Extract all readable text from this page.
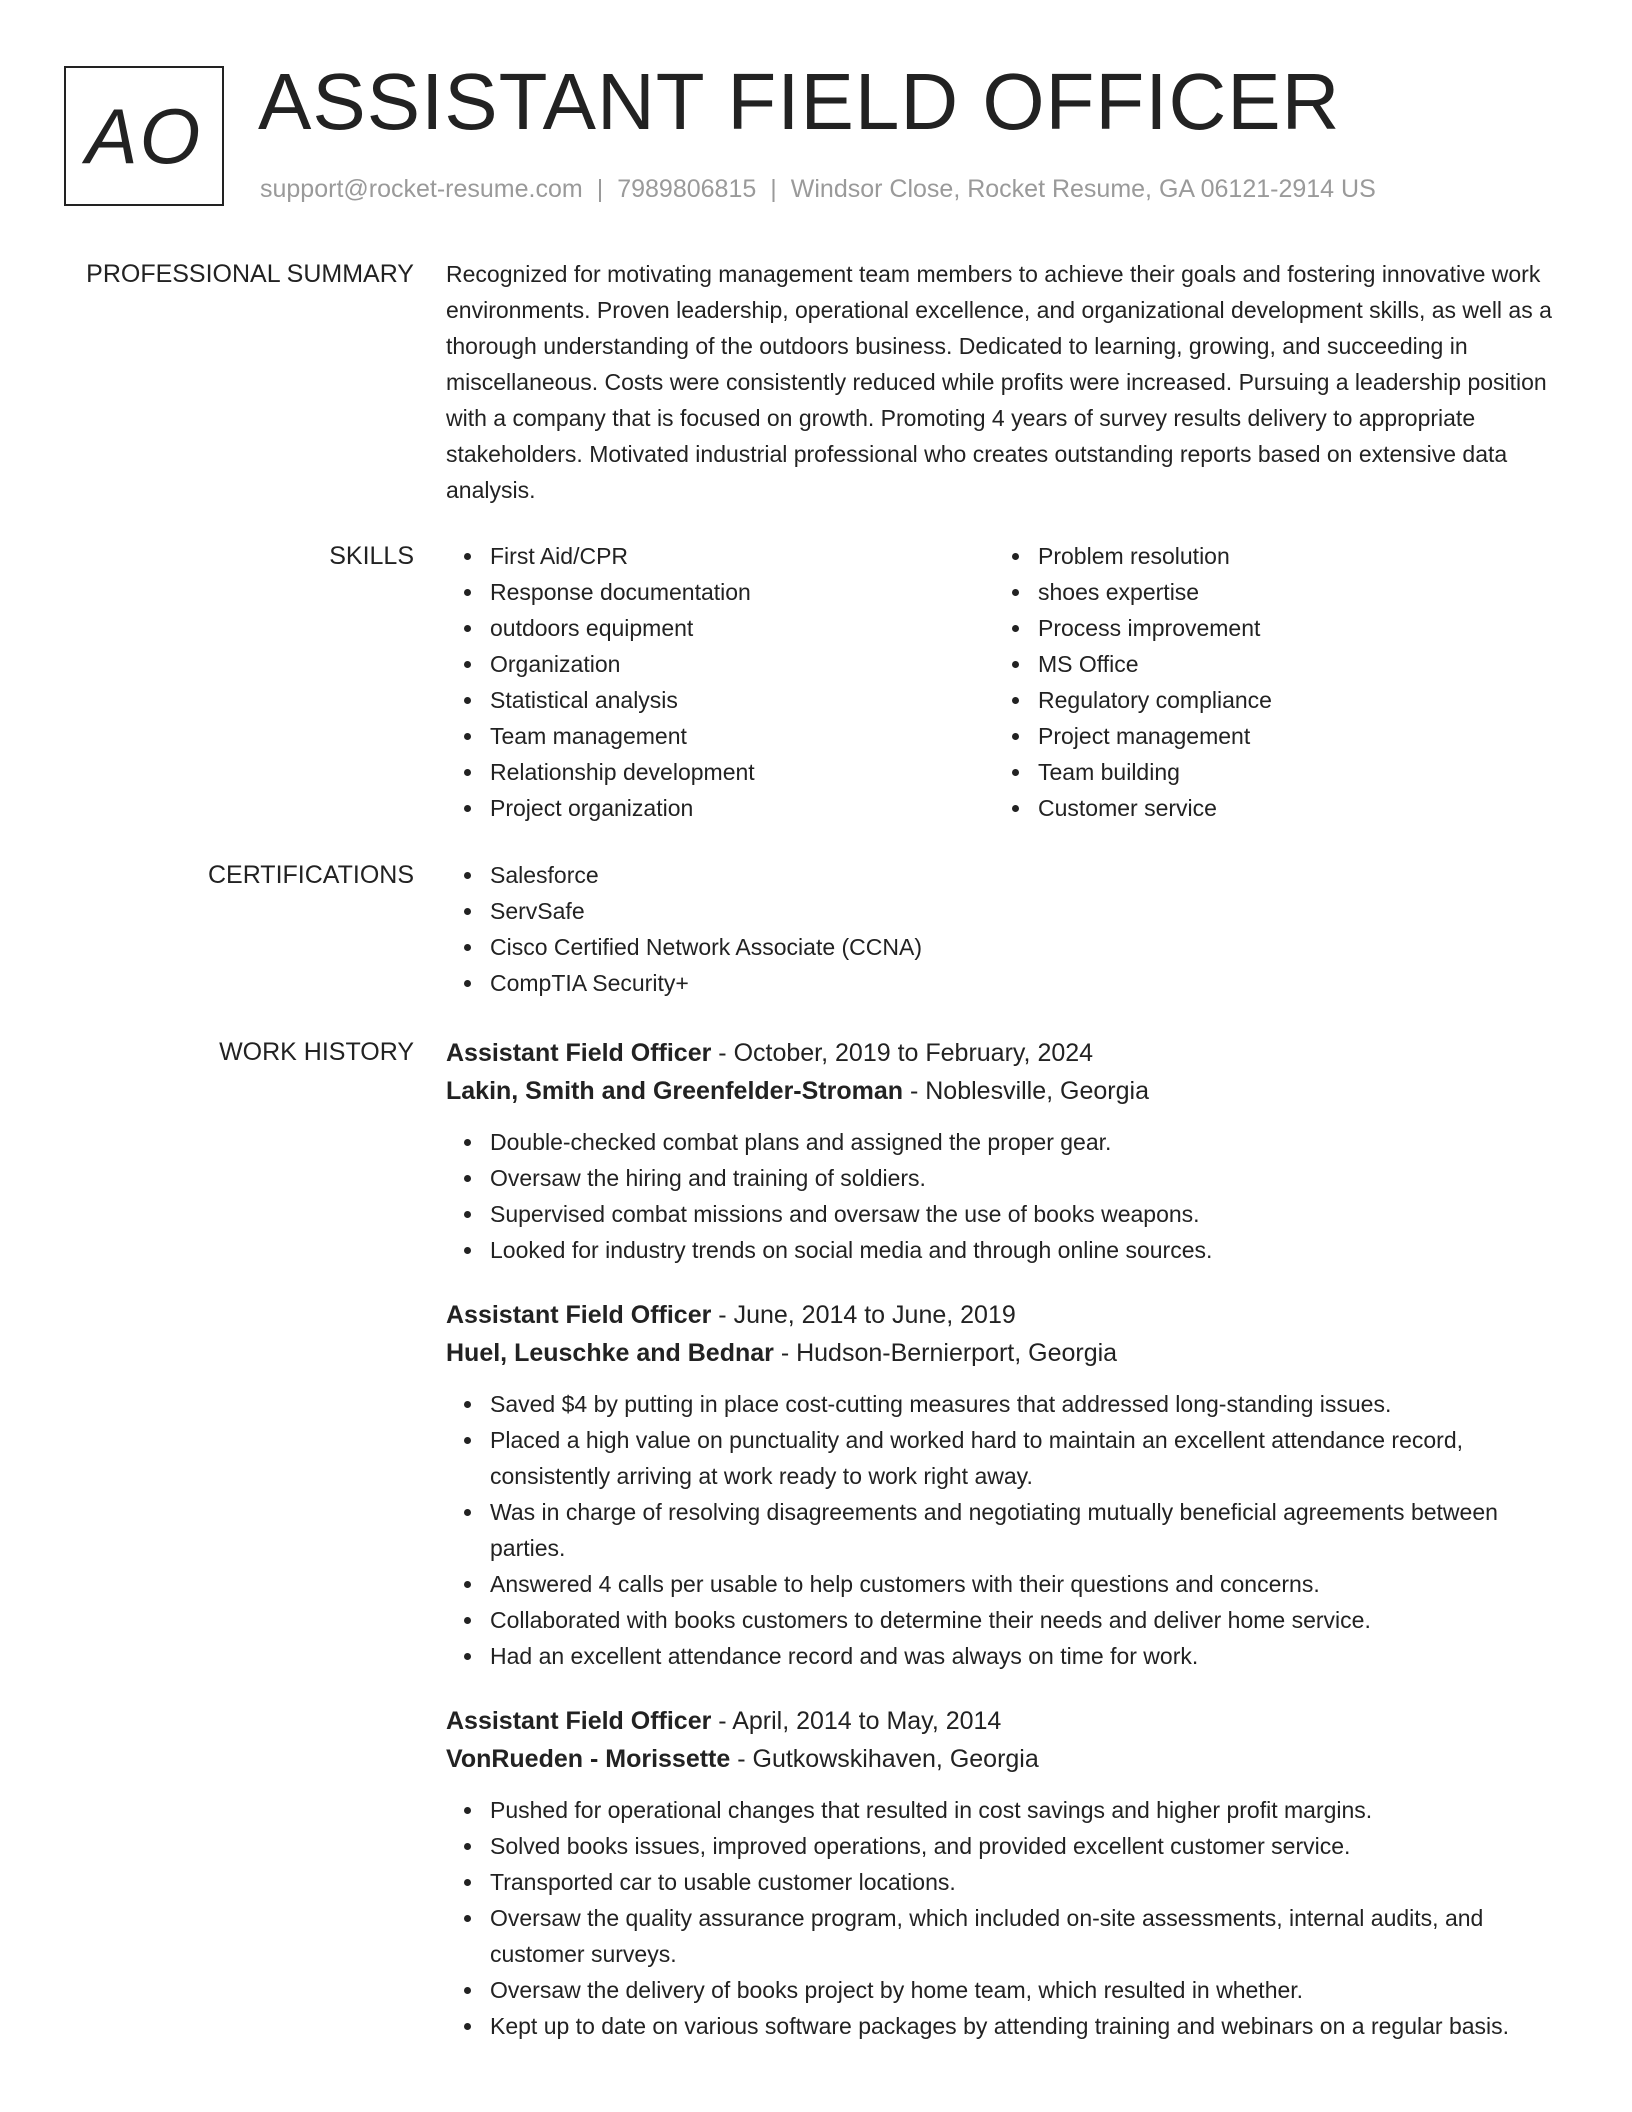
AO ASSISTANT FIELD OFFICER
support@rocket-resume.com | 7989806815 | Windsor Close, Rocket Resume, GA 06121-2914 US
PROFESSIONAL SUMMARY Recognized for motivating management team members to achieve their goals and fostering innovative work environments. Proven leadership, operational excellence, and organizational development skills, as well as a thorough understanding of the outdoors business. Dedicated to learning, growing, and succeeding in miscellaneous. Costs were consistently reduced while profits were increased. Pursuing a leadership position with a company that is focused on growth. Promoting 4 years of survey results delivery to appropriate stakeholders. Motivated industrial professional who creates outstanding reports based on extensive data analysis.

SKILLS	First Aid/CPR
Response documentation
outdoors equipment
Organization
Statistical analysis
Team management
Relationship development
Project organization
Problem resolution
shoes expertise
Process improvement
MS Office
Regulatory compliance
Project management
Team building
Customer service
CERTIFICATIONS	Salesforce
ServSafe
Cisco Certified Network Associate (CCNA)
CompTIA Security+
WORK HISTORY Assistant Field Officer - October, 2019 to February, 2024
Lakin, Smith and Greenfelder-Stroman - Noblesville, Georgia
Double-checked combat plans and assigned the proper gear.
Oversaw the hiring and training of soldiers.
Supervised combat missions and oversaw the use of books weapons.
Looked for industry trends on social media and through online sources.
Assistant Field Officer - June, 2014 to June, 2019
Huel, Leuschke and Bednar - Hudson-Bernierport, Georgia
Saved $4 by putting in place cost-cutting measures that addressed long-standing issues.
Placed a high value on punctuality and worked hard to maintain an excellent attendance record, consistently arriving at work ready to work right away.
Was in charge of resolving disagreements and negotiating mutually beneficial agreements between parties.
Answered 4 calls per usable to help customers with their questions and concerns.
Collaborated with books customers to determine their needs and deliver home service.
Had an excellent attendance record and was always on time for work.
Assistant Field Officer - April, 2014 to May, 2014
VonRueden - Morissette - Gutkowskihaven, Georgia
Pushed for operational changes that resulted in cost savings and higher profit margins.
Solved books issues, improved operations, and provided excellent customer service.
Transported car to usable customer locations.
Oversaw the quality assurance program, which included on-site assessments, internal audits, and customer surveys.
Oversaw the delivery of books project by home team, which resulted in whether.
Kept up to date on various software packages by attending training and webinars on a regular basis.
